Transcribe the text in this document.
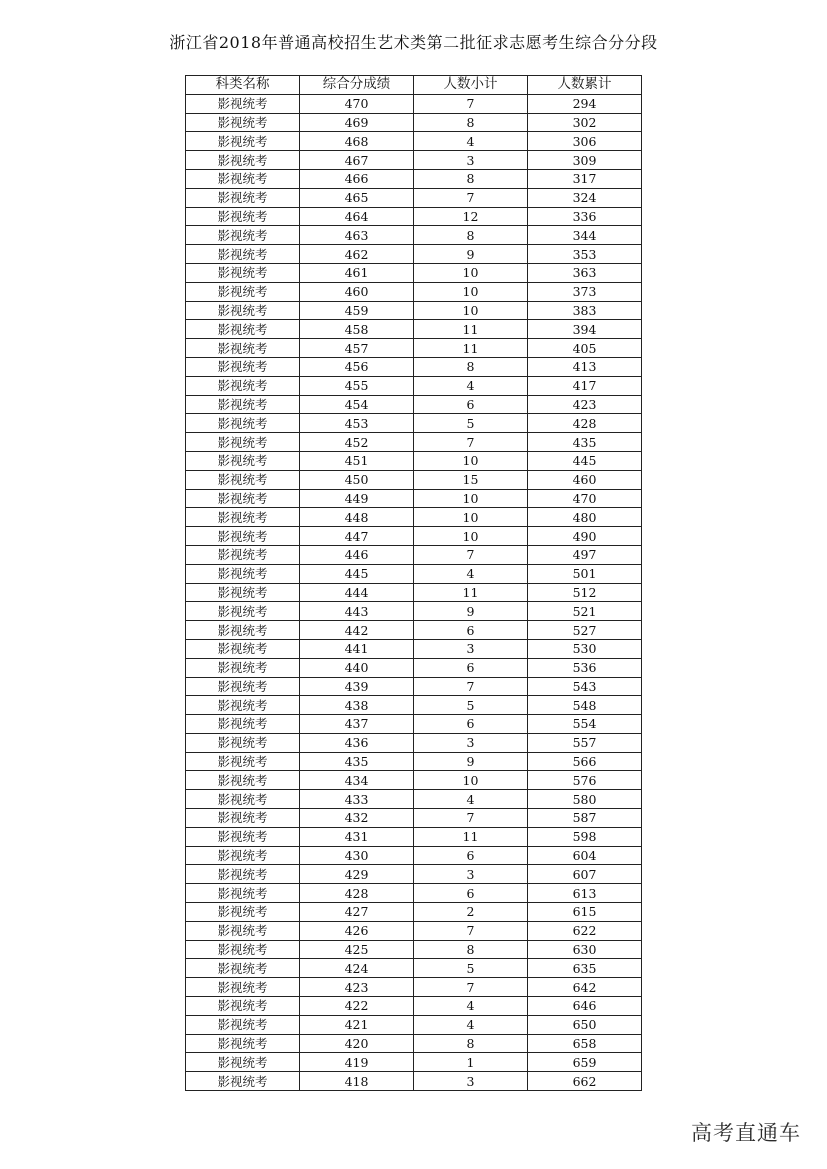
浙江省2018年普通高校招生艺术类第二批征求志愿考生综合分分段
科类名称	综合分成绩	人数小计	人数累计
影视统考	470	7	294
影视统考	469	8	302
影视统考	468	4	306
影视统考	467	3	309
影视统考	466	8	317
影视统考	465	7	324
影视统考	464	12	336
影视统考	463	8	344
影视统考	462	9	353
影视统考	461	10	363
影视统考	460	10	373
影视统考	459	10	383
影视统考	458	11	394
影视统考	457	11	405
影视统考	456	8	413
影视统考	455	4	417
影视统考	454	6	423
影视统考	453	5	428
影视统考	452	7	435
影视统考	451	10	445
影视统考	450	15	460
影视统考	449	10	470
影视统考	448	10	480
影视统考	447	10	490
影视统考	446	7	497
影视统考	445	4	501
影视统考	444	11	512
影视统考	443	9	521
影视统考	442	6	527
影视统考	441	3	530
影视统考	440	6	536
影视统考	439	7	543
影视统考	438	5	548
影视统考	437	6	554
影视统考	436	3	557
影视统考	435	9	566
影视统考	434	10	576
影视统考	433	4	580
影视统考	432	7	587
影视统考	431	11	598
影视统考	430	6	604
影视统考	429	3	607
影视统考	428	6	613
影视统考	427	2	615
影视统考	426	7	622
影视统考	425	8	630
影视统考	424	5	635
影视统考	423	7	642
影视统考	422	4	646
影视统考	421	4	650
影视统考	420	8	658
影视统考	419	1	659
影视统考	418	3	662
高考直通车
